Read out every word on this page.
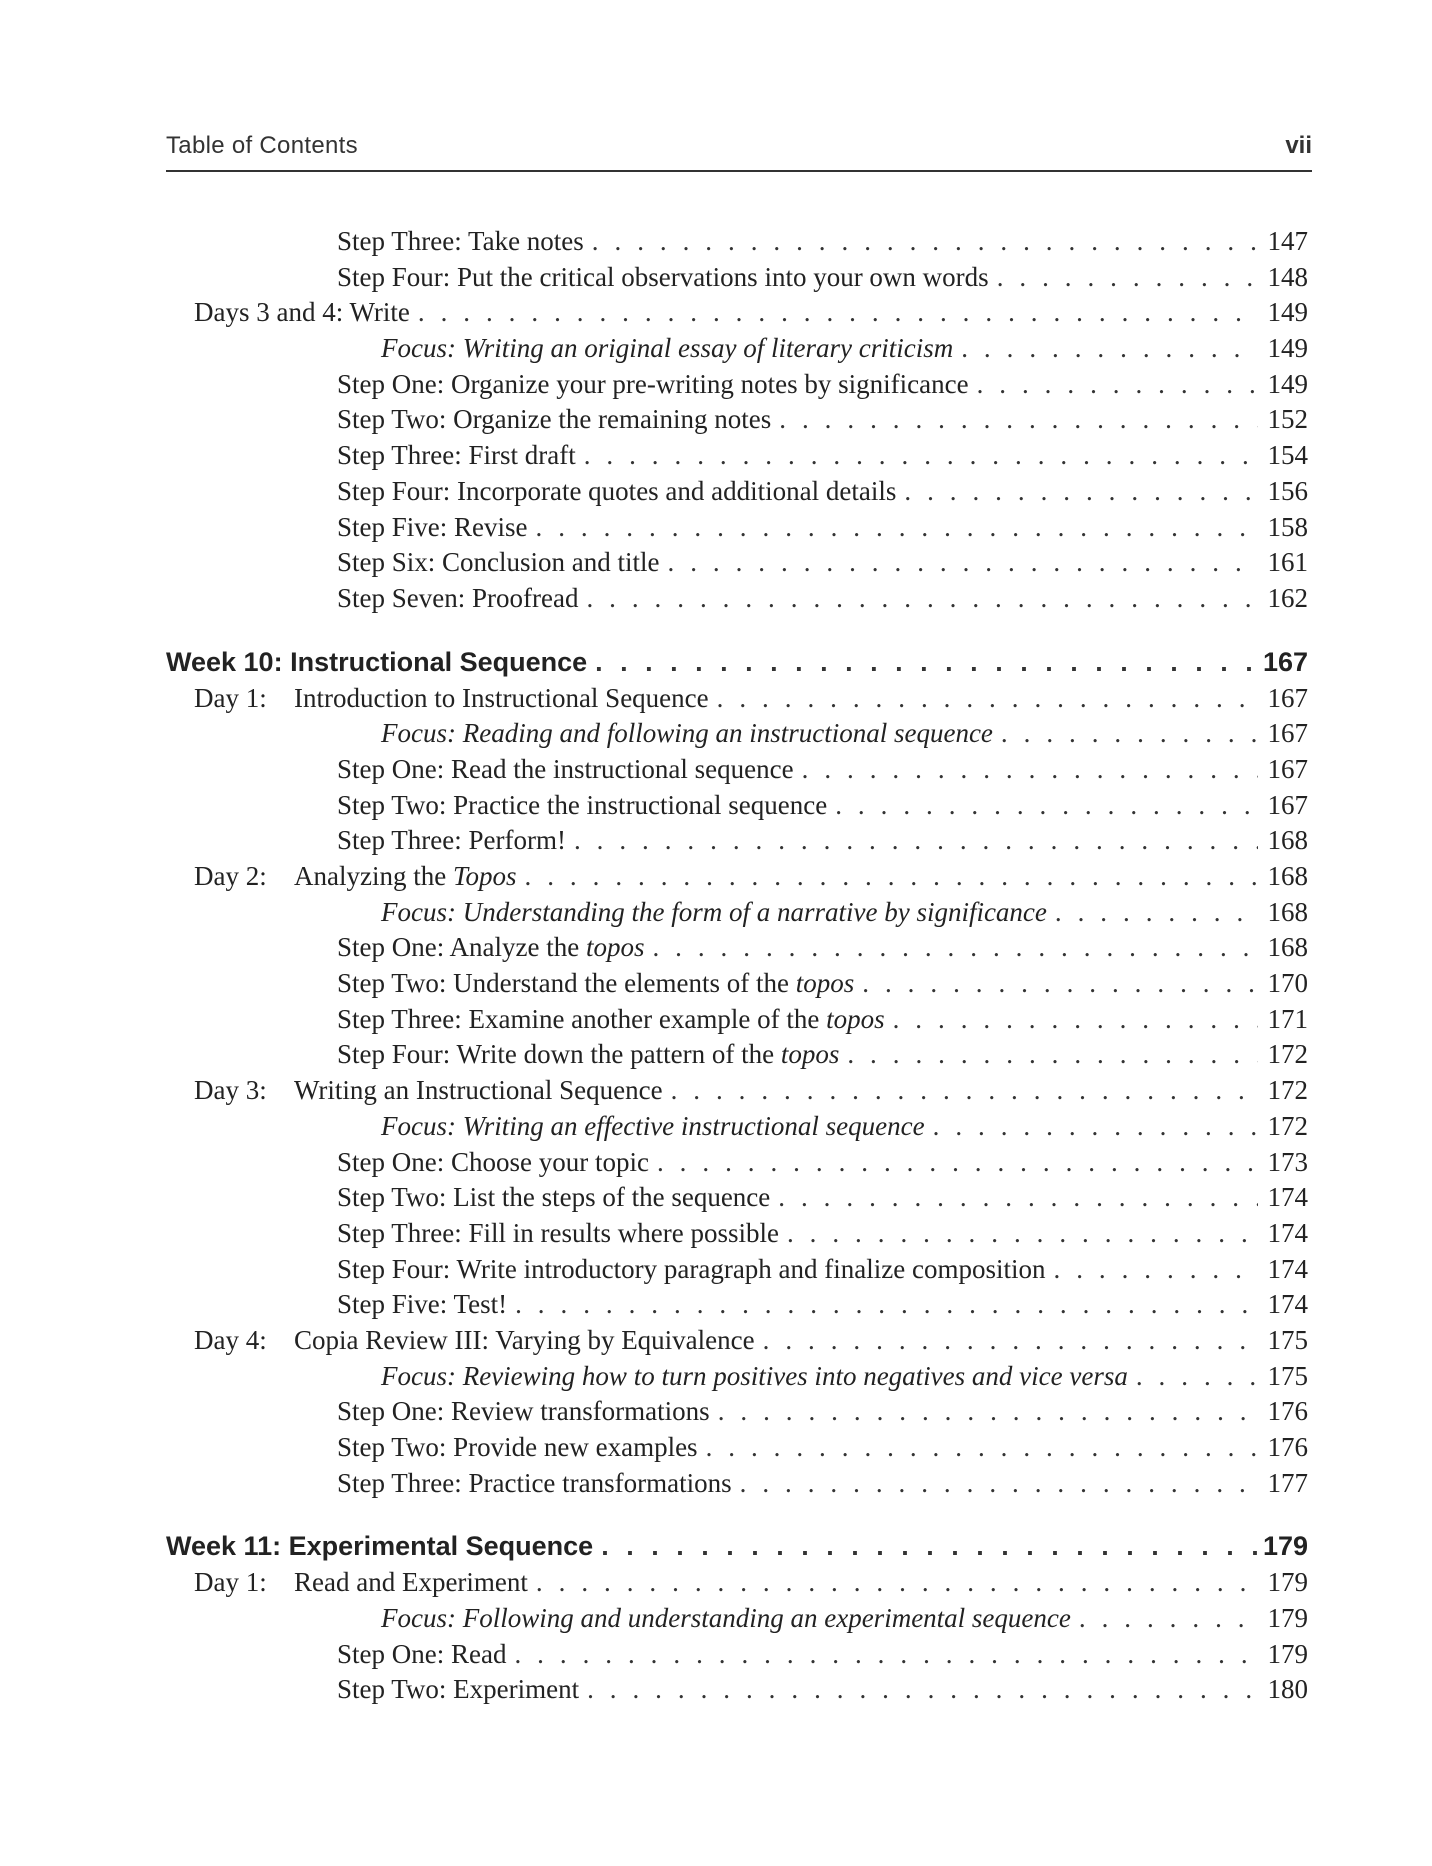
Table of Contents	vii
Step Three: Take notes . . .	147
Step Four: Put the critical observations into your own words . . .	148
Days 3 and 4: Write . . .	149
Focus: Writing an original essay of literary criticism . . .	149
Step One: Organize your pre-writing notes by significance . . .	149
Step Two: Organize the remaining notes . . .	152
Step Three: First draft . . .	154
Step Four: Incorporate quotes and additional details . . .	156
Step Five: Revise . . .	158
Step Six: Conclusion and title . . .	161
Step Seven: Proofread . . .	162
Week 10: Instructional Sequence . . .	167
Day 1: Introduction to Instructional Sequence . . .	167
Focus: Reading and following an instructional sequence . . .	167
Step One: Read the instructional sequence . . .	167
Step Two: Practice the instructional sequence . . .	167
Step Three: Perform! . . .	168
Day 2: Analyzing the Topos . . .	168
Focus: Understanding the form of a narrative by significance . . .	168
Step One: Analyze the topos . . .	168
Step Two: Understand the elements of the topos . . .	170
Step Three: Examine another example of the topos . . .	171
Step Four: Write down the pattern of the topos . . .	172
Day 3: Writing an Instructional Sequence . . .	172
Focus: Writing an effective instructional sequence . . .	172
Step One: Choose your topic . . .	173
Step Two: List the steps of the sequence . . .	174
Step Three: Fill in results where possible . . .	174
Step Four: Write introductory paragraph and finalize composition . . .	174
Step Five: Test! . . .	174
Day 4: Copia Review III: Varying by Equivalence . . .	175
Focus: Reviewing how to turn positives into negatives and vice versa . . .	175
Step One: Review transformations . . .	176
Step Two: Provide new examples . . .	176
Step Three: Practice transformations . . .	177
Week 11: Experimental Sequence . . .	179
Day 1: Read and Experiment . . .	179
Focus: Following and understanding an experimental sequence . . .	179
Step One: Read . . .	179
Step Two: Experiment . . .	180
